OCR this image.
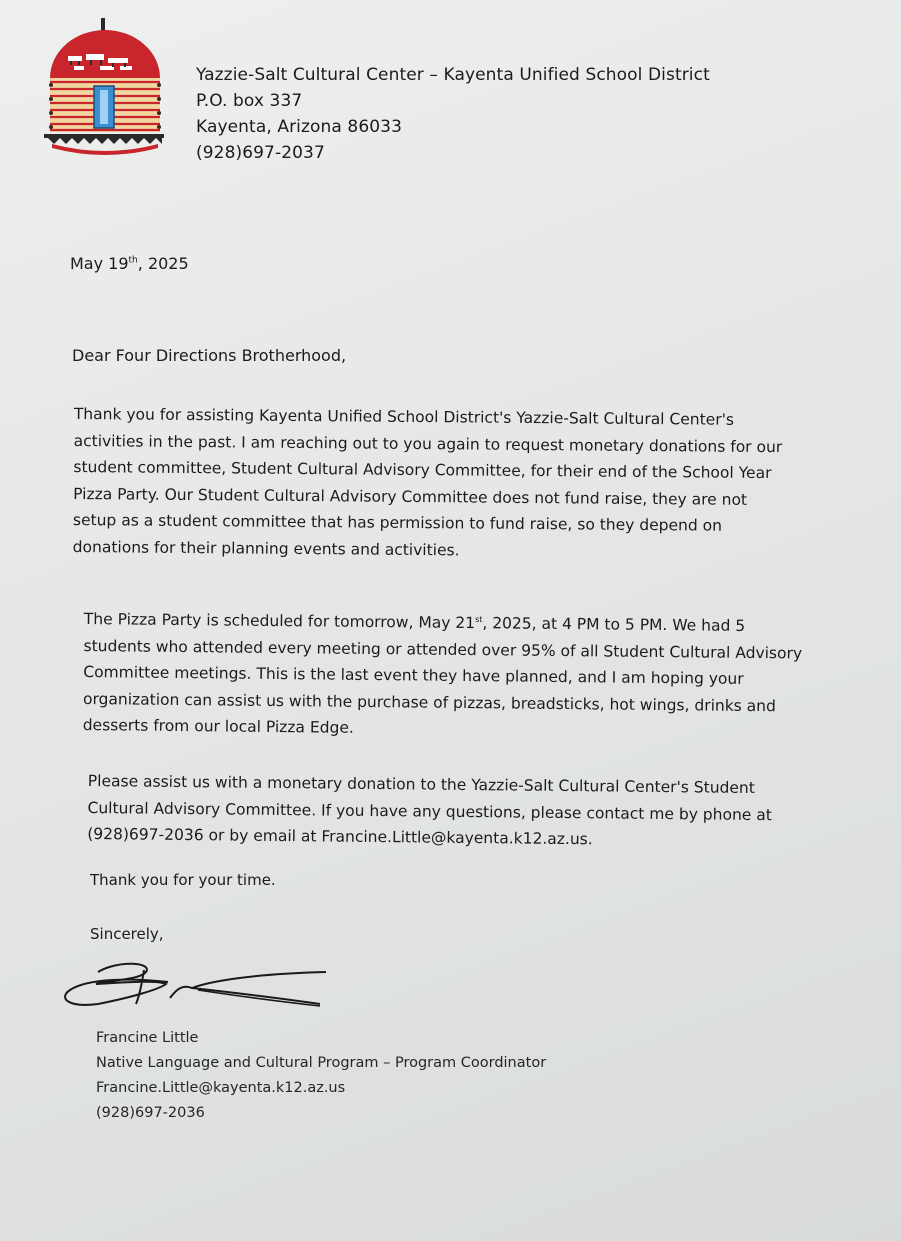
Yazzie-Salt Cultural Center – Kayenta Unified School District
P.O. box 337
Kayenta, Arizona 86033
(928)697-2037
May 19th, 2025
Dear Four Directions Brotherhood,
Thank you for assisting Kayenta Unified School District's Yazzie-Salt Cultural Center's
activities in the past. I am reaching out to you again to request monetary donations for our
student committee, Student Cultural Advisory Committee, for their end of the School Year
Pizza Party. Our Student Cultural Advisory Committee does not fund raise, they are not
setup as a student committee that has permission to fund raise, so they depend on
donations for their planning events and activities.
The Pizza Party is scheduled for tomorrow, May 21st, 2025, at 4 PM to 5 PM. We had 5
students who attended every meeting or attended over 95% of all Student Cultural Advisory
Committee meetings. This is the last event they have planned, and I am hoping your
organization can assist us with the purchase of pizzas, breadsticks, hot wings, drinks and
desserts from our local Pizza Edge.
Please assist us with a monetary donation to the Yazzie-Salt Cultural Center's Student
Cultural Advisory Committee. If you have any questions, please contact me by phone at
(928)697-2036 or by email at Francine.Little@kayenta.k12.az.us.
Thank you for your time.
Sincerely,
Francine Little
Native Language and Cultural Program – Program Coordinator
Francine.Little@kayenta.k12.az.us
(928)697-2036
